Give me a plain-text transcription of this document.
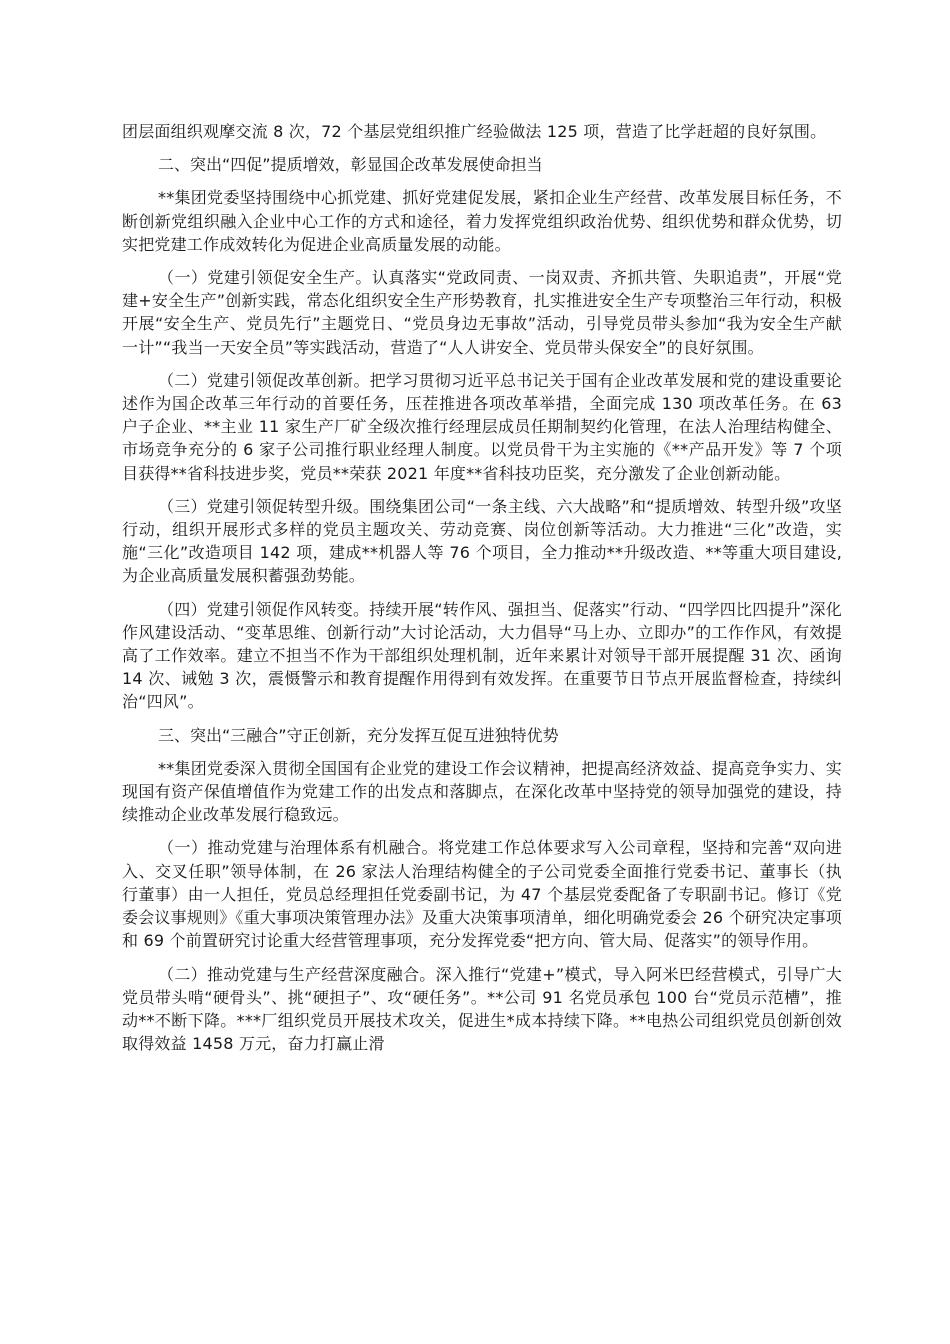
团层面组织观摩交流 8 次，72 个基层党组织推广经验做法 125 项，营造了比学赶超的良好氛围。

二、突出“四促”提质增效，彰显国企改革发展使命担当

**集团党委坚持围绕中心抓党建、抓好党建促发展，紧扣企业生产经营、改革发展目标任务，不断创新党组织融入企业中心工作的方式和途径，着力发挥党组织政治优势、组织优势和群众优势，切实把党建工作成效转化为促进企业高质量发展的动能。

（一）党建引领促安全生产。认真落实“党政同责、一岗双责、齐抓共管、失职追责”，开展“党建+安全生产”创新实践，常态化组织安全生产形势教育，扎实推进安全生产专项整治三年行动，积极开展“安全生产、党员先行”主题党日、“党员身边无事故”活动，引导党员带头参加“我为安全生产献一计”“我当一天安全员”等实践活动，营造了“人人讲安全、党员带头保安全”的良好氛围。

（二）党建引领促改革创新。把学习贯彻习近平总书记关于国有企业改革发展和党的建设重要论述作为国企改革三年行动的首要任务，压茬推进各项改革举措，全面完成 130 项改革任务。在 63 户子企业、**主业 11 家生产厂矿全级次推行经理层成员任期制契约化管理，在法人治理结构健全、市场竞争充分的 6 家子公司推行职业经理人制度。以党员骨干为主实施的《**产品开发》等 7 个项目获得**省科技进步奖，党员**荣获 2021 年度**省科技功臣奖，充分激发了企业创新动能。

（三）党建引领促转型升级。围绕集团公司“一条主线、六大战略”和“提质增效、转型升级”攻坚行动，组织开展形式多样的党员主题攻关、劳动竞赛、岗位创新等活动。大力推进“三化”改造，实施“三化”改造项目 142 项，建成**机器人等 76 个项目，全力推动**升级改造、**等重大项目建设,为企业高质量发展积蓄强劲势能。

（四）党建引领促作风转变。持续开展“转作风、强担当、促落实”行动、“四学四比四提升”深化作风建设活动、“变革思维、创新行动”大讨论活动，大力倡导“马上办、立即办”的工作作风，有效提高了工作效率。建立不担当不作为干部组织处理机制，近年来累计对领导干部开展提醒 31 次、函询 14 次、诫勉 3 次，震慑警示和教育提醒作用得到有效发挥。在重要节日节点开展监督检查，持续纠治“四风”。

三、突出“三融合”守正创新，充分发挥互促互进独特优势

**集团党委深入贯彻全国国有企业党的建设工作会议精神，把提高经济效益、提高竞争实力、实现国有资产保值增值作为党建工作的出发点和落脚点，在深化改革中坚持党的领导加强党的建设，持续推动企业改革发展行稳致远。

（一）推动党建与治理体系有机融合。将党建工作总体要求写入公司章程，坚持和完善“双向进入、交叉任职”领导体制，在 26 家法人治理结构健全的子公司党委全面推行党委书记、董事长（执行董事）由一人担任，党员总经理担任党委副书记，为 47 个基层党委配备了专职副书记。修订《党委会议事规则》《重大事项决策管理办法》及重大决策事项清单，细化明确党委会 26 个研究决定事项和 69 个前置研究讨论重大经营管理事项，充分发挥党委“把方向、管大局、促落实”的领导作用。

（二）推动党建与生产经营深度融合。深入推行“党建+”模式，导入阿米巴经营模式，引导广大党员带头啃“硬骨头”、挑“硬担子”、攻“硬任务”。**公司 91 名党员承包 100 台“党员示范槽”，推动**不断下降。***厂组织党员开展技术攻关，促进生*成本持续下降。**电热公司组织党员创新创效取得效益 1458 万元，奋力打赢止滑
